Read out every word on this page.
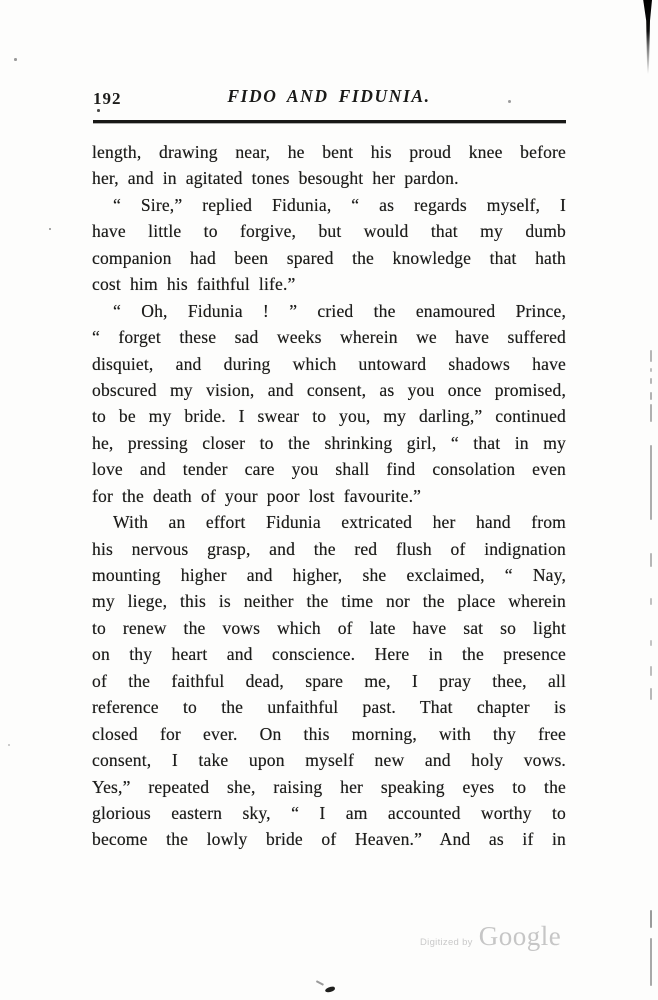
192	FIDO AND FIDUNIA.
length, drawing near, he bent his proud knee before
her, and in agitated tones besought her pardon.
“ Sire,” replied Fidunia, “ as regards myself, I
have little to forgive, but would that my dumb
companion had been spared the knowledge that hath
cost him his faithful life.”
“ Oh, Fidunia ! ” cried the enamoured Prince,
“ forget these sad weeks wherein we have suffered
disquiet, and during which untoward shadows have
obscured my vision, and consent, as you once promised,
to be my bride. I swear to you, my darling,” continued
he, pressing closer to the shrinking girl, “ that in my
love and tender care you shall find consolation even
for the death of your poor lost favourite.”
With an effort Fidunia extricated her hand from
his nervous grasp, and the red flush of indignation
mounting higher and higher, she exclaimed, “ Nay,
my liege, this is neither the time nor the place wherein
to renew the vows which of late have sat so light
on thy heart and conscience. Here in the presence
of the faithful dead, spare me, I pray thee, all
reference to the unfaithful past. That chapter is
closed for ever. On this morning, with thy free
consent, I take upon myself new and holy vows.
Yes,” repeated she, raising her speaking eyes to the
glorious eastern sky, “ I am accounted worthy to
become the lowly bride of Heaven.” And as if in
Digitized by Google
